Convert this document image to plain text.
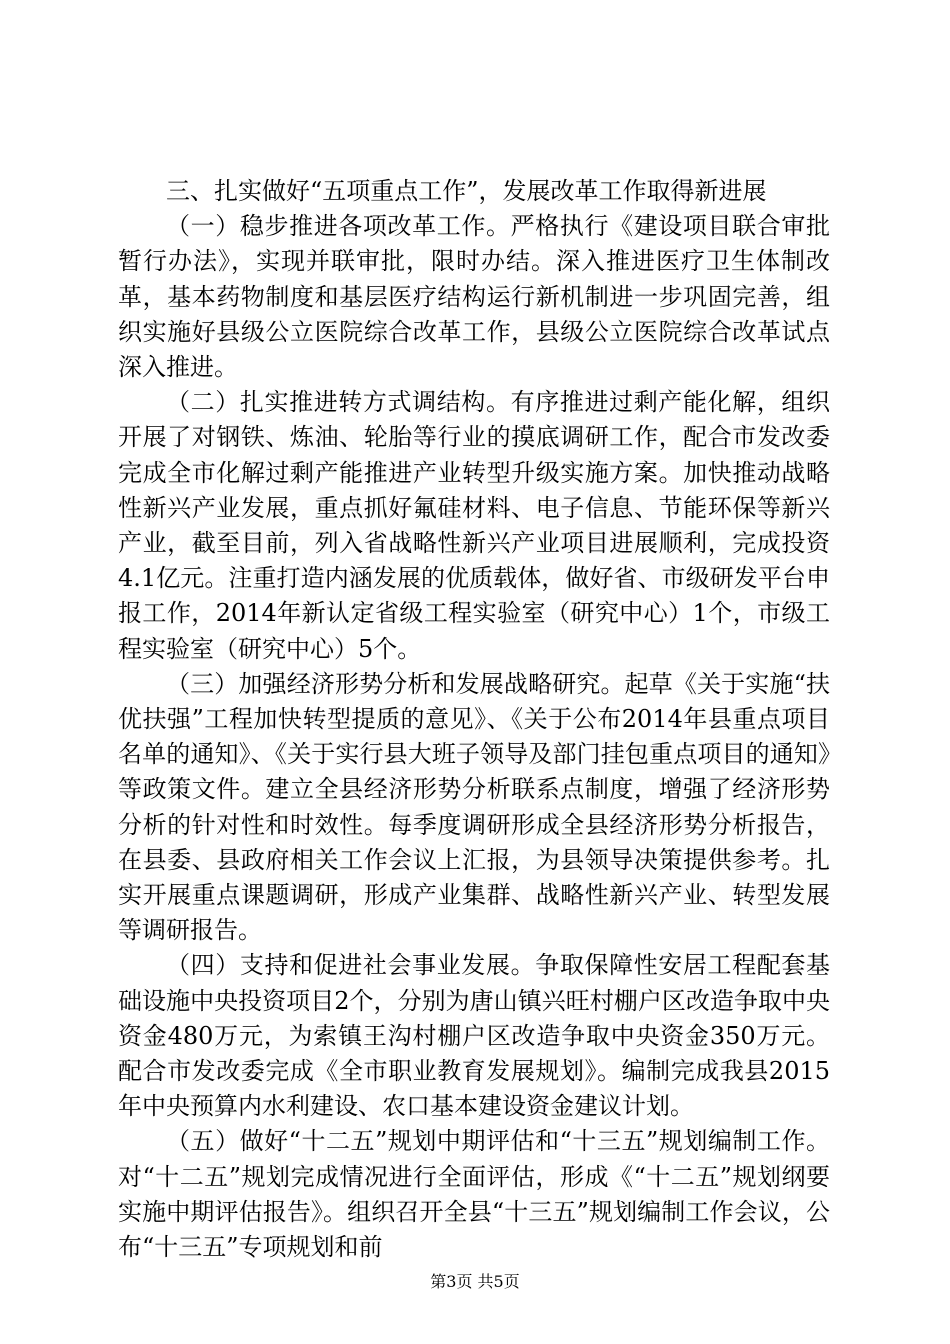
三、扎实做好“五项重点工作”，发展改革工作取得新进展

（一）稳步推进各项改革工作。严格执行《建设项目联合审批暂行办法》，实现并联审批，限时办结。深入推进医疗卫生体制改革，基本药物制度和基层医疗结构运行新机制进一步巩固完善，组织实施好县级公立医院综合改革工作，县级公立医院综合改革试点深入推进。

（二）扎实推进转方式调结构。有序推进过剩产能化解，组织开展了对钢铁、炼油、轮胎等行业的摸底调研工作，配合市发改委完成全市化解过剩产能推进产业转型升级实施方案。加快推动战略性新兴产业发展，重点抓好氟硅材料、电子信息、节能环保等新兴产业，截至目前，列入省战略性新兴产业项目进展顺利，完成投资4.1亿元。注重打造内涵发展的优质载体，做好省、市级研发平台申报工作，2014年新认定省级工程实验室（研究中心）1个，市级工程实验室（研究中心）5个。

（三）加强经济形势分析和发展战略研究。起草《关于实施“扶优扶强”工程加快转型提质的意见》、《关于公布2014年县重点项目名单的通知》、《关于实行县大班子领导及部门挂包重点项目的通知》等政策文件。建立全县经济形势分析联系点制度，增强了经济形势分析的针对性和时效性。每季度调研形成全县经济形势分析报告，在县委、县政府相关工作会议上汇报，为县领导决策提供参考。扎实开展重点课题调研，形成产业集群、战略性新兴产业、转型发展等调研报告。

（四）支持和促进社会事业发展。争取保障性安居工程配套基础设施中央投资项目2个，分别为唐山镇兴旺村棚户区改造争取中央资金480万元，为索镇王沟村棚户区改造争取中央资金350万元。配合市发改委完成《全市职业教育发展规划》。编制完成我县2015年中央预算内水利建设、农口基本建设资金建议计划。

（五）做好“十二五”规划中期评估和“十三五”规划编制工作。对“十二五”规划完成情况进行全面评估，形成《“十二五”规划纲要实施中期评估报告》。组织召开全县“十三五”规划编制工作会议，公布“十三五”专项规划和前

第3页 共5页
